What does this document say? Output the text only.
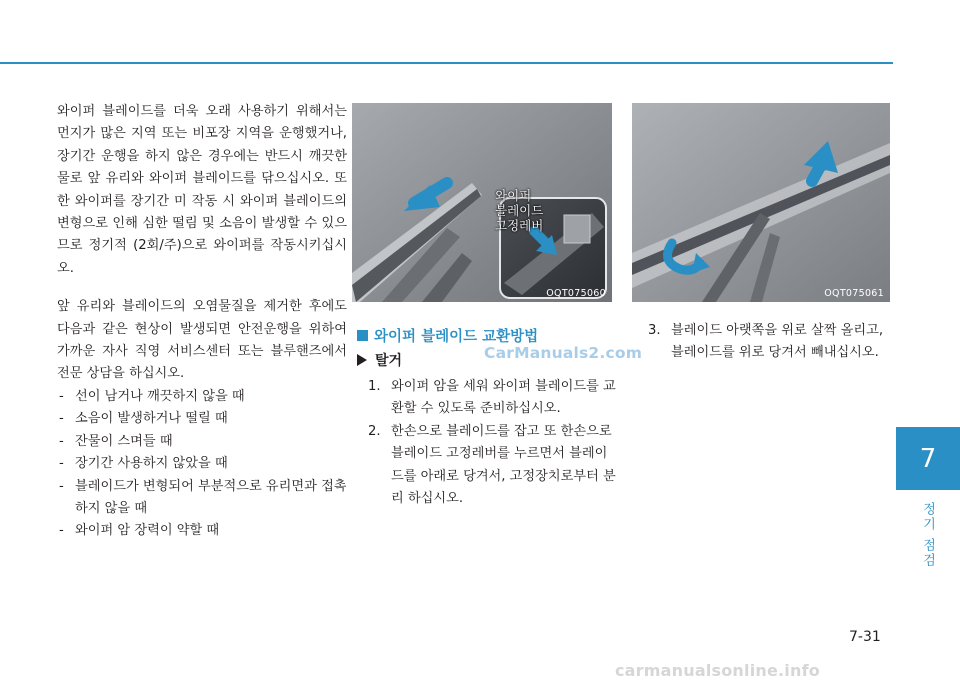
와이퍼 블레이드를 더욱 오래 사용하기 위해서는 먼지가 많은 지역 또는 비포장 지역을 운행했거나, 장기간 운행을 하지 않은 경우에는 반드시 깨끗한 물로 앞 유리와 와이퍼 블레이드를 닦으십시오. 또한 와이퍼를 장기간 미 작동 시 와이퍼 블레이드의 변형으로 인해 심한 떨림 및 소음이 발생할 수 있으므로 정기적 (2회/주)으로 와이퍼를 작동시키십시오.

앞 유리와 블레이드의 오염물질을 제거한 후에도 다음과 같은 현상이 발생되면 안전운행을 위하여 가까운 자사 직영 서비스센터 또는 블루핸즈에서 전문 상담을 하십시오.

- 선이 남거나 깨끗하지 않을 때
- 소음이 발생하거나 떨릴 때
- 잔물이 스며들 때
- 장기간 사용하지 않았을 때
- 블레이드가 변형되어 부분적으로 유리면과 접촉하지 않을 때
- 와이퍼 암 장력이 약할 때
OQT075060
와이퍼
블레이드
고정레버
OQT075061
와이퍼 블레이드 교환방법
탈거	CarManuals2.com
1. 와이퍼 암을 세워 와이퍼 블레이드를 교환할 수 있도록 준비하십시오.
2. 한손으로 블레이드를 잡고 또 한손으로 블레이드 고정레버를 누르면서 블레이드를 아래로 당겨서, 고정장치로부터 분리 하십시오.
3. 블레이드 아랫쪽을 위로 살짝 올리고, 블레이드를 위로 당겨서 빼내십시오.
7
정기 점검
7-31
carmanualsonline.info
